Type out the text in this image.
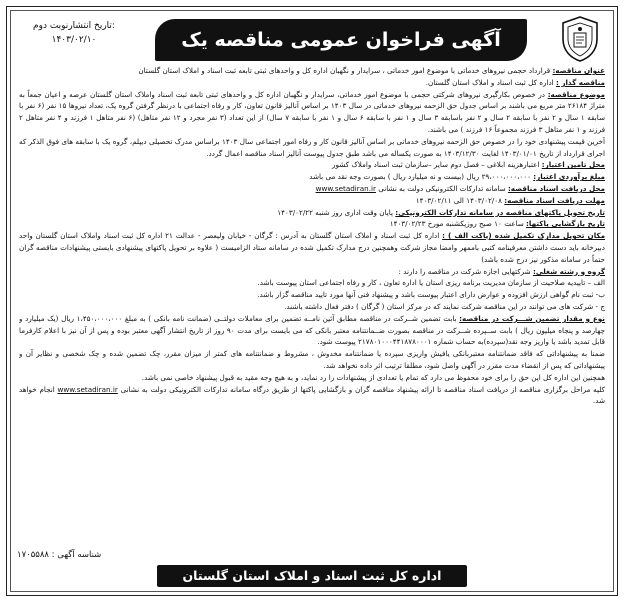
تاریخ انتشارنوبت دوم:
۱۴۰۳/۰۲/۱۰	آگهی فراخوان عمومی مناقصه یک مرحله ای

عنوان مناقصه: قرارداد حجمی نیروهای خدماتی با موضوع امور خدماتی ، سرایدار و نگهبان اداره کل و واحدهای ثبتی تابعه ثبت اسناد و املاک استان گلستان

مناقصه گذار : اداره کل ثبت اسناد و املاک استان گلستان.

موضوع مناقصه: در خصوص بکارگیری نیروهای شرکتی حجمی با موضوع امور خدماتی، سرایدار و نگهبان اداره کل و واحدهای ثبتی تابعه ثبت اسناد واملاک استان گلستان عرصه و اعیان جمعاً به متراژ ۲۶۱۸۴ متر مربع می باشند بر اساس جدول حق الزحمه نیروهای خدماتی در سال ۱۴۰۳ بر اساس آنالیز قانون تعاون، کار و رفاه اجتماعی با درنظر گرفتن گروه یک، تعداد نیروها ۱۵ نفر (۶ نفر با سابقه ۱ سال و ۲ نفر با سابقه ۲ سال و ۲ نفر باسابقه ۳ سال و ۱ نفر با سابقه ۶ سال و ۱ نفر با سابقه ۷ سال) از این تعداد (۳ نفر مجرد و ۱۲ نفر متاهل) (۶ نفر متاهل ۱ فرزند و ۴ نفر متاهل ۲ فرزند و ۱ نفر متاهل ۳ فرزند مجموعاً ۱۶ فرزند ) می باشند.

آخرین قیمت پیشنهادی خود را در خصوص حق الزحمه نیروهای خدماتی بر اساس آنالیز قانون کار و رفاه امور اجتماعی سال ۱۴۰۳ براساس مدرک تحصیلی دیپلم، گروه یک با سابقه های فوق الذکر که اجرای قرارداد از تاریخ ۱۴۰۳/۰۱/۰۱ لغایت ۱۴۰۳/۱۲/۳۰ به صورت یکساله می باشد طبق جدول پیوست آنالیز اسناد مناقصه اعمال گردد.

محل تامین اعتبار: اعتبارهزینه ابلاغی – فصل دوم سایر –سازمان ثبت اسناد واملاک کشور

مبلغ برآوردی اعتبار: ۲۹،۰۰۰،۰۰۰،۰۰۰ ریال (بیست و نه میلیارد ریال ) بصورت وجه نقد می باشد

محل دریافت اسناد مناقصه: سامانه تدارکات الکترونیکی دولت به نشانی www.setadiran.ir

مهلت دریافت اسناد مناقصه: ۱۴۰۳/۰۲/۰۸ الی ۱۴۰۳/۰۲/۱۱

تاریخ تحویل پاکتهای مناقصه در سامانه تدارکات الکترونیکی: پایان وقت اداری روز شنبه ۱۴۰۳/۰۲/۲۲

تاریخ بازگشایی پاکتها: ساعت ۱۰ صبح روزیکشنبه مورخ ۱۴۰۳/۰۲/۲۳

مکان تحویل مدارک تکمیل شده (پاکت الف ) : اداره کل ثبت اسناد و املاک استان گلستان به آدرس : گرگان - خیابان ولیعصر - عدالت ۲۱ اداره کل ثبت اسناد واملاک استان گلستان واحد دبیرخانه باید دست داشتن معرفینامه کتبی باممهر وامضا مجاز شرکت وهمچنین درج مدارک تکمیل شده در سامانه ستاد الزامیست ( علاوه بر تحویل پاکتهای پیشنهادی بایستی پیشنهادات مناقصه گران حتماً در سامانه مذکور نیز درج شده باشد)

گروه و رشته شغلی: شرکتهایی اجازه شرکت در مناقصه را دارند :

الف – تاییدیه صلاحیت از سازمان مدیریت برنامه ریزی استان یا اداره تعاون ، کار و رفاه اجتماعی استان پیوست باشد.

ب- ثبت نام گواهی ارزش افزوده و عوارض دارای اعتبار پیوست باشد و پیشنهاد فنی آنها مورد تایید مناقصه گزار باشد.

ج - شرکت های می توانند در این مناقصه شرکت نمایند که در مرکز استان ( گرگان ) دفتر فعال داشته باشند.

نوع و مقدار تضمین شـــرکت در مناقصه: بابت تضمین شــرکت در مناقصه مطابق آئین نامــه تضمین برای معاملات دولتــی (ضمانت نامه بانکی ) به مبلغ ۱،۴۵۰،۰۰۰،۰۰۰ ریال (یک میلیارد و چهارصد و پنجاه میلیون ریال ) بابت ســپرده شــرکت در مناقصه بصورت ضــمانتنامه معتبر بانکی که می بایست برای مدت ۹۰ روز از تاریخ انتشار آگهی معتبر بوده و پس از آن نیز با اعلام کارفرما قابل تمدید باشد یا واریز وجه نقد(سپرده)به حساب شماره ۲۱۷۸۰۱۰۰۰۴۴۱۸۷۸۰۰۰۱ پیوست شود.

ضمنا به پیشنهاداتی که فاقد ضمانتنامه معتبربانکی یافیش واریزی سپرده یا ضمانتنامه مخدوش ، مشروط و ضمانتنامه های کمتر از میزان مقرر، چک تضمین شده و چک شخصی و نظایر آن و پیشنهاداتی که پس از انقضاء مدت مقرر در آگهی واصل شود، مطلقا ترتیب اثر داده نخواهد شد.

همچنین این اداره کل این حق را برای خود محفوظ می دارد که تمام یا تعدادی از پیشنهادات را رد نماید، و به هیچ وجه مقید به قبول پیشنهاد خاصی نمی باشد.

کلیه مراحل برگزاری مناقصه از دریافت اسناد مناقصه تا ارائه پیشنهاد مناقصه گران و بازگشایی پاکتها از طریق درگاه سامانه تدارکات الکترونیکی دولت به نشانی www.setadiran.ir انجام خواهد شد.

شناسه آگهی : ۱۷۰۵۵۸۸
اداره کل ثبت اسناد و املاک استان گلستان
